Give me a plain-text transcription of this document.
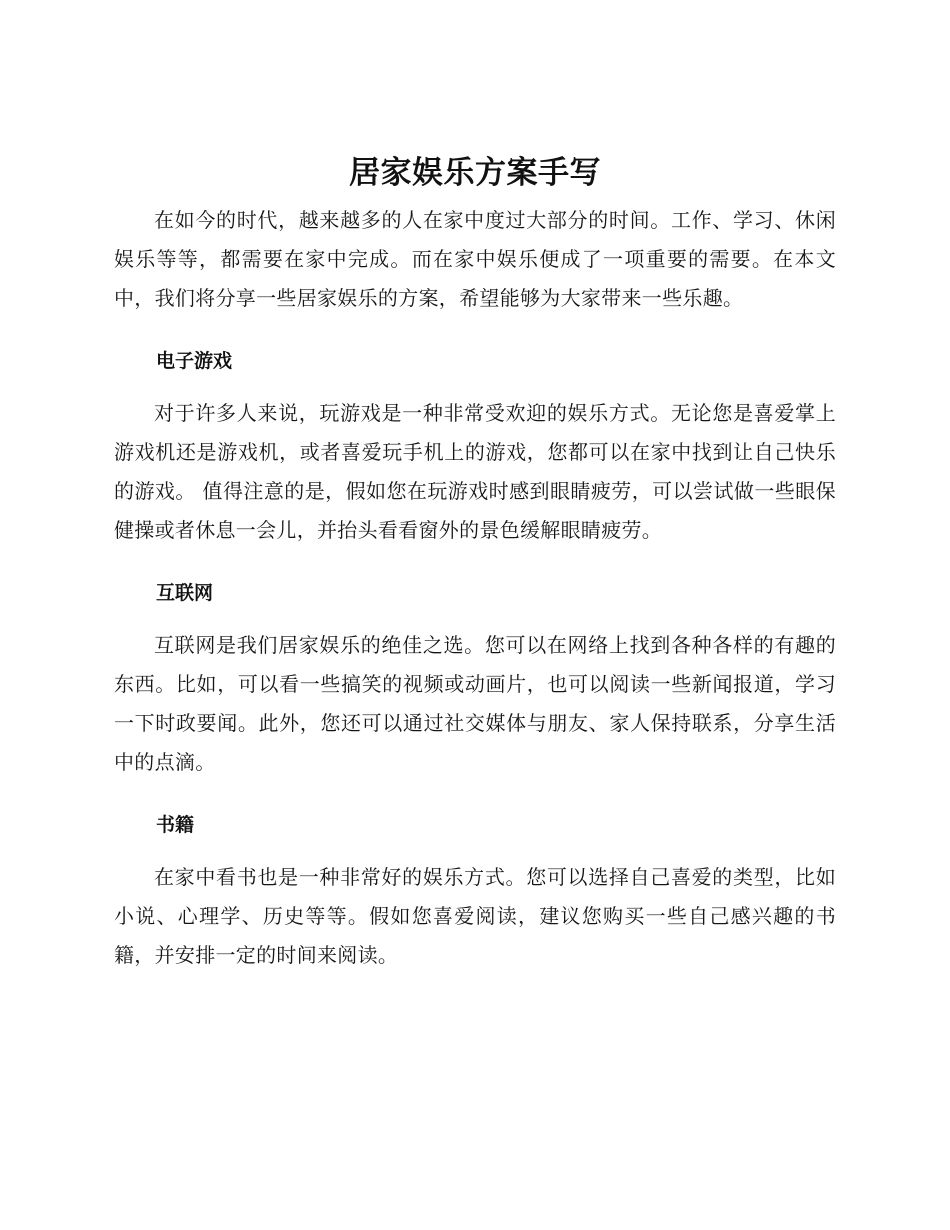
居家娱乐方案手写

在如今的时代，越来越多的人在家中度过大部分的时间。工作、学习、休闲娱乐等等，都需要在家中完成。而在家中娱乐便成了一项重要的需要。在本文中，我们将分享一些居家娱乐的方案，希望能够为大家带来一些乐趣。

电子游戏

对于许多人来说，玩游戏是一种非常受欢迎的娱乐方式。无论您是喜爱掌上游戏机还是游戏机，或者喜爱玩手机上的游戏，您都可以在家中找到让自己快乐的游戏。 值得注意的是，假如您在玩游戏时感到眼睛疲劳，可以尝试做一些眼保健操或者休息一会儿，并抬头看看窗外的景色缓解眼睛疲劳。

互联网

互联网是我们居家娱乐的绝佳之选。您可以在网络上找到各种各样的有趣的东西。比如，可以看一些搞笑的视频或动画片，也可以阅读一些新闻报道，学习一下时政要闻。此外，您还可以通过社交媒体与朋友、家人保持联系，分享生活中的点滴。

书籍

在家中看书也是一种非常好的娱乐方式。您可以选择自己喜爱的类型，比如小说、心理学、历史等等。假如您喜爱阅读，建议您购买一些自己感兴趣的书籍，并安排一定的时间来阅读。
